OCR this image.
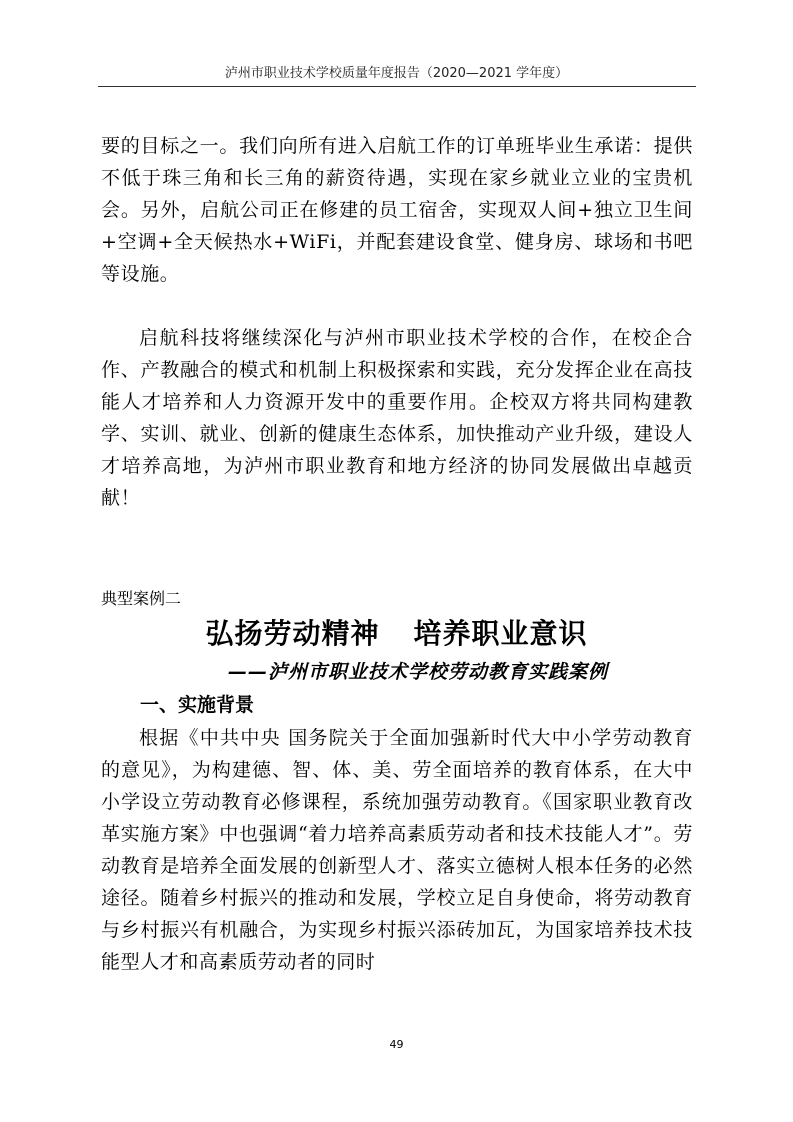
泸州市职业技术学校质量年度报告（2020—2021 学年度）

要的目标之一。我们向所有进入启航工作的订单班毕业生承诺：提供不低于珠三角和长三角的薪资待遇，实现在家乡就业立业的宝贵机会。另外，启航公司正在修建的员工宿舍，实现双人间+独立卫生间+空调+全天候热水+WiFi，并配套建设食堂、健身房、球场和书吧等设施。

启航科技将继续深化与泸州市职业技术学校的合作，在校企合作、产教融合的模式和机制上积极探索和实践，充分发挥企业在高技能人才培养和人力资源开发中的重要作用。企校双方将共同构建教学、实训、就业、创新的健康生态体系，加快推动产业升级，建设人才培养高地，为泸州市职业教育和地方经济的协同发展做出卓越贡献！

典型案例二
弘扬劳动精神 培养职业意识
——泸州市职业技术学校劳动教育实践案例
一、实施背景

根据《中共中央 国务院关于全面加强新时代大中小学劳动教育的意见》，为构建德、智、体、美、劳全面培养的教育体系，在大中小学设立劳动教育必修课程，系统加强劳动教育。《国家职业教育改革实施方案》中也强调“着力培养高素质劳动者和技术技能人才”。劳动教育是培养全面发展的创新型人才、落实立德树人根本任务的必然途径。随着乡村振兴的推动和发展，学校立足自身使命，将劳动教育与乡村振兴有机融合，为实现乡村振兴添砖加瓦，为国家培养技术技能型人才和高素质劳动者的同时

49
